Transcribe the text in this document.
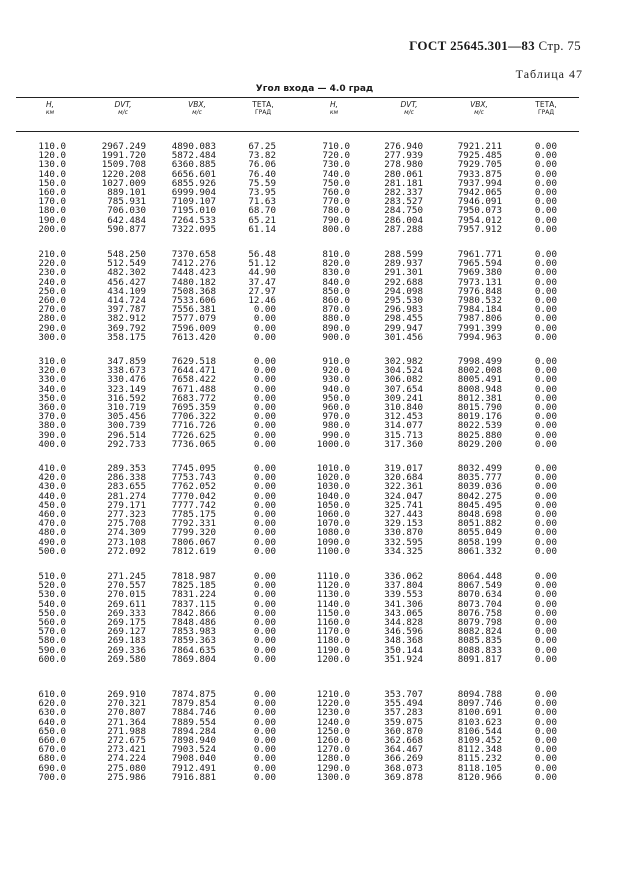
ГОСТ 25645.301—83 Стр. 75
Таблица 47
Угол входа — 4.0 град
H,
км
DVT,
м/с
VBX,
м/с
ТЕТА,
ГРАД
H,
км
DVT,
м/с
VBX,
м/с
ТЕТА,
ГРАД
110.0
120.0
130.0
140.0
150.0
160.0
170.0
180.0
190.0
200.0
210.0
220.0
230.0
240.0
250.0
260.0
270.0
280.0
290.0
300.0
310.0
320.0
330.0
340.0
350.0
360.0
370.0
380.0
390.0
400.0
410.0
420.0
430.0
440.0
450.0
460.0
470.0
480.0
490.0
500.0
510.0
520.0
530.0
540.0
550.0
560.0
570.0
580.0
590.0
600.0
610.0
620.0
630.0
640.0
650.0
660.0
670.0
680.0
690.0
700.0
2967.249
1991.720
1509.708
1220.208
1027.009
889.101
785.931
706.030
642.484
590.877
548.250
512.549
482.302
456.427
434.109
414.724
397.787
382.912
369.792
358.175
347.859
338.673
330.476
323.149
316.592
310.719
305.456
300.739
296.514
292.733
289.353
286.338
283.655
281.274
279.171
277.323
275.708
274.309
273.108
272.092
271.245
270.557
270.015
269.611
269.333
269.175
269.127
269.183
269.336
269.580
269.910
270.321
270.807
271.364
271.988
272.675
273.421
274.224
275.080
275.986
4890.083
5872.484
6360.885
6656.601
6855.926
6999.904
7109.107
7195.010
7264.533
7322.095
7370.658
7412.276
7448.423
7480.182
7508.368
7533.606
7556.381
7577.079
7596.009
7613.420
7629.518
7644.471
7658.422
7671.488
7683.772
7695.359
7706.322
7716.726
7726.625
7736.065
7745.095
7753.743
7762.052
7770.042
7777.742
7785.175
7792.331
7799.320
7806.067
7812.619
7818.987
7825.185
7831.224
7837.115
7842.866
7848.486
7853.983
7859.363
7864.635
7869.804
7874.875
7879.854
7884.746
7889.554
7894.284
7898.940
7903.524
7908.040
7912.491
7916.881
67.25
73.82
76.06
76.40
75.59
73.95
71.63
68.70
65.21
61.14
56.48
51.12
44.90
37.47
27.97
12.46
0.00
0.00
0.00
0.00
0.00
0.00
0.00
0.00
0.00
0.00
0.00
0.00
0.00
0.00
0.00
0.00
0.00
0.00
0.00
0.00
0.00
0.00
0.00
0.00
0.00
0.00
0.00
0.00
0.00
0.00
0.00
0.00
0.00
0.00
0.00
0.00
0.00
0.00
0.00
0.00
0.00
0.00
0.00
0.00
710.0
720.0
730.0
740.0
750.0
760.0
770.0
780.0
790.0
800.0
810.0
820.0
830.0
840.0
850.0
860.0
870.0
880.0
890.0
900.0
910.0
920.0
930.0
940.0
950.0
960.0
970.0
980.0
990.0
1000.0
1010.0
1020.0
1030.0
1040.0
1050.0
1060.0
1070.0
1080.0
1090.0
1100.0
1110.0
1120.0
1130.0
1140.0
1150.0
1160.0
1170.0
1180.0
1190.0
1200.0
1210.0
1220.0
1230.0
1240.0
1250.0
1260.0
1270.0
1280.0
1290.0
1300.0
276.940
277.939
278.980
280.061
281.181
282.337
283.527
284.750
286.004
287.288
288.599
289.937
291.301
292.688
294.098
295.530
296.983
298.455
299.947
301.456
302.982
304.524
306.082
307.654
309.241
310.840
312.453
314.077
315.713
317.360
319.017
320.684
322.361
324.047
325.741
327.443
329.153
330.870
332.595
334.325
336.062
337.804
339.553
341.306
343.065
344.828
346.596
348.368
350.144
351.924
353.707
355.494
357.283
359.075
360.870
362.668
364.467
366.269
368.073
369.878
7921.211
7925.485
7929.705
7933.875
7937.994
7942.065
7946.091
7950.073
7954.012
7957.912
7961.771
7965.594
7969.380
7973.131
7976.848
7980.532
7984.184
7987.806
7991.399
7994.963
7998.499
8002.008
8005.491
8008.948
8012.381
8015.790
8019.176
8022.539
8025.880
8029.200
8032.499
8035.777
8039.036
8042.275
8045.495
8048.698
8051.882
8055.049
8058.199
8061.332
8064.448
8067.549
8070.634
8073.704
8076.758
8079.798
8082.824
8085.835
8088.833
8091.817
8094.788
8097.746
8100.691
8103.623
8106.544
8109.452
8112.348
8115.232
8118.105
8120.966
0.00
0.00
0.00
0.00
0.00
0.00
0.00
0.00
0.00
0.00
0.00
0.00
0.00
0.00
0.00
0.00
0.00
0.00
0.00
0.00
0.00
0.00
0.00
0.00
0.00
0.00
0.00
0.00
0.00
0.00
0.00
0.00
0.00
0.00
0.00
0.00
0.00
0.00
0.00
0.00
0.00
0.00
0.00
0.00
0.00
0.00
0.00
0.00
0.00
0.00
0.00
0.00
0.00
0.00
0.00
0.00
0.00
0.00
0.00
0.00
